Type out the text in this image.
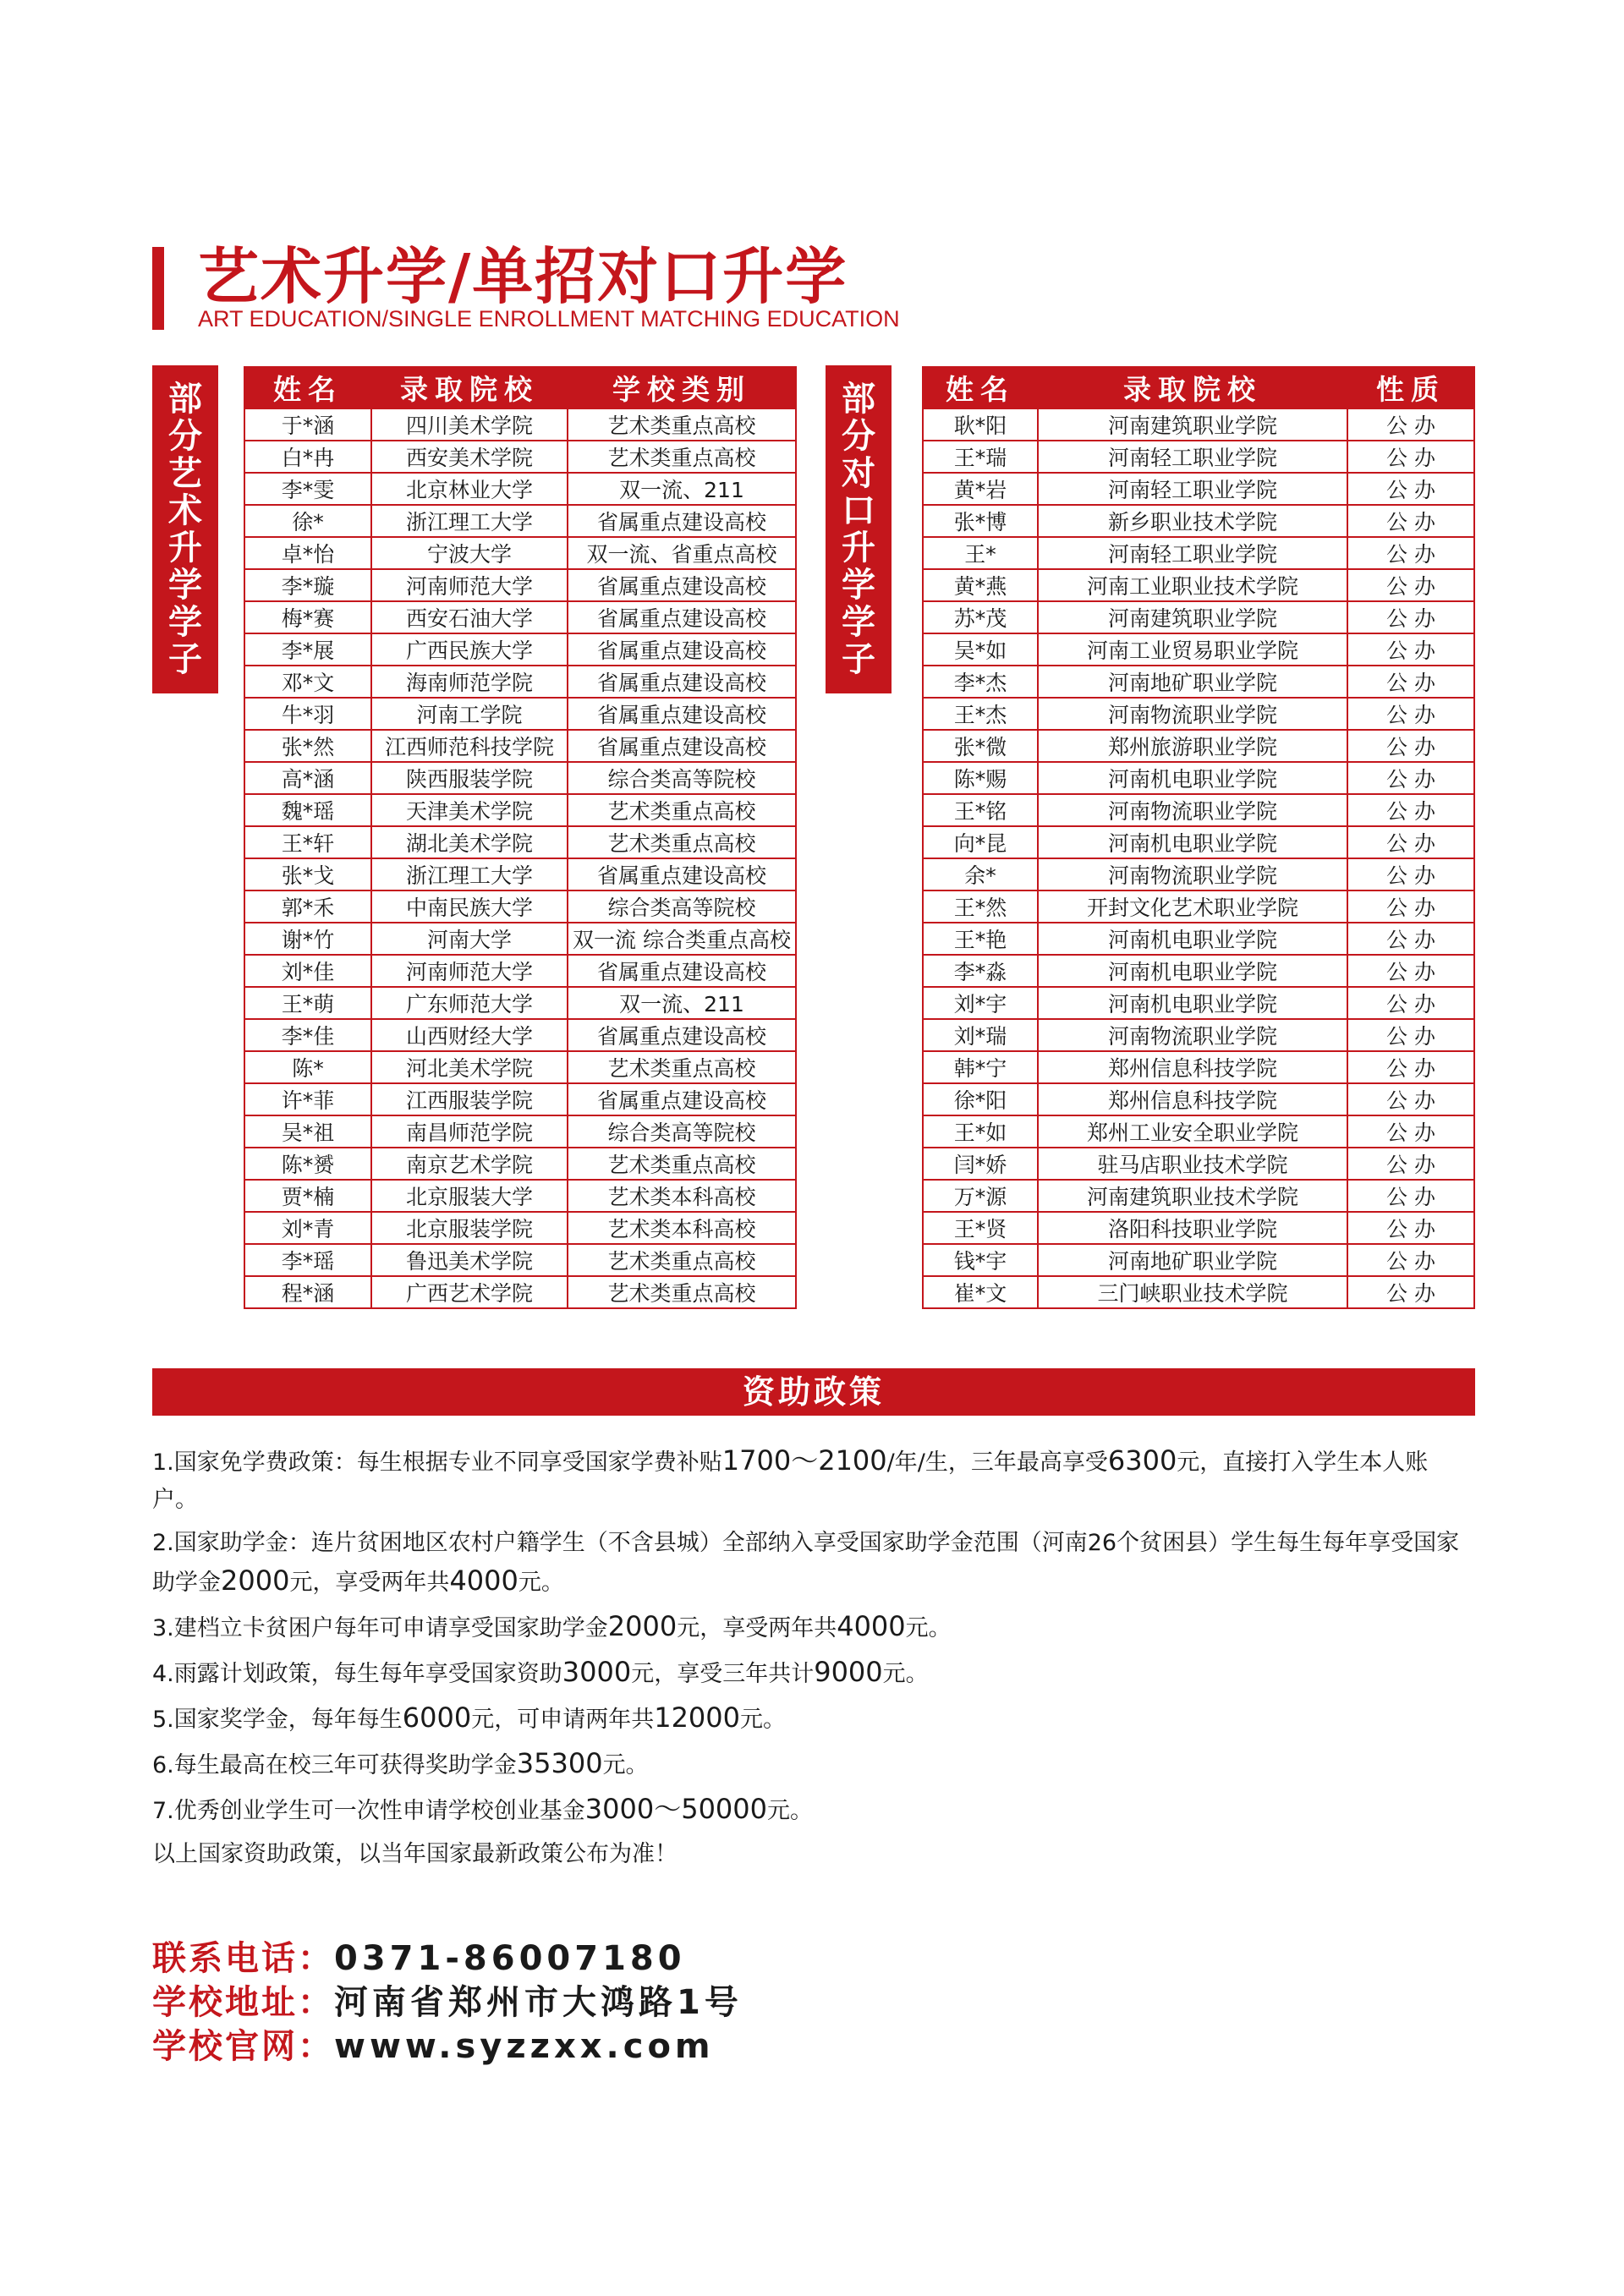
艺术升学/单招对口升学
ART EDUCATION/SINGLE ENROLLMENT MATCHING EDUCATION
部
分
艺
术
升
学
学
子
姓名	录取院校	学校类别
于*涵	四川美术学院	艺术类重点高校
白*冉	西安美术学院	艺术类重点高校
李*雯	北京林业大学	双一流、211
徐*	浙江理工大学	省属重点建设高校
卓*怡	宁波大学	双一流、省重点高校
李*璇	河南师范大学	省属重点建设高校
梅*赛	西安石油大学	省属重点建设高校
李*展	广西民族大学	省属重点建设高校
邓*文	海南师范学院	省属重点建设高校
牛*羽	河南工学院	省属重点建设高校
张*然	江西师范科技学院	省属重点建设高校
高*涵	陕西服装学院	综合类高等院校
魏*瑶	天津美术学院	艺术类重点高校
王*轩	湖北美术学院	艺术类重点高校
张*戈	浙江理工大学	省属重点建设高校
郭*禾	中南民族大学	综合类高等院校
谢*竹	河南大学	双一流 综合类重点高校
刘*佳	河南师范大学	省属重点建设高校
王*萌	广东师范大学	双一流、211
李*佳	山西财经大学	省属重点建设高校
陈*	河北美术学院	艺术类重点高校
许*菲	江西服装学院	省属重点建设高校
吴*祖	南昌师范学院	综合类高等院校
陈*赟	南京艺术学院	艺术类重点高校
贾*楠	北京服装大学	艺术类本科高校
刘*青	北京服装学院	艺术类本科高校
李*瑶	鲁迅美术学院	艺术类重点高校
程*涵	广西艺术学院	艺术类重点高校
部
分
对
口
升
学
学
子
姓名	录取院校	性质
耿*阳	河南建筑职业学院	公 办
王*瑞	河南轻工职业学院	公 办
黄*岩	河南轻工职业学院	公 办
张*博	新乡职业技术学院	公 办
王*	河南轻工职业学院	公 办
黄*燕	河南工业职业技术学院	公 办
苏*茂	河南建筑职业学院	公 办
吴*如	河南工业贸易职业学院	公 办
李*杰	河南地矿职业学院	公 办
王*杰	河南物流职业学院	公 办
张*微	郑州旅游职业学院	公 办
陈*赐	河南机电职业学院	公 办
王*铭	河南物流职业学院	公 办
向*昆	河南机电职业学院	公 办
余*	河南物流职业学院	公 办
王*然	开封文化艺术职业学院	公 办
王*艳	河南机电职业学院	公 办
李*淼	河南机电职业学院	公 办
刘*宇	河南机电职业学院	公 办
刘*瑞	河南物流职业学院	公 办
韩*宁	郑州信息科技学院	公 办
徐*阳	郑州信息科技学院	公 办
王*如	郑州工业安全职业学院	公 办
闫*娇	驻马店职业技术学院	公 办
万*源	河南建筑职业技术学院	公 办
王*贤	洛阳科技职业学院	公 办
钱*宇	河南地矿职业学院	公 办
崔*文	三门峡职业技术学院	公 办
资助政策

1.国家免学费政策：每生根据专业不同享受国家学费补贴1700～2100/年/生，三年最高享受6300元，直接打入学生本人账户。

2.国家助学金：连片贫困地区农村户籍学生（不含县城）全部纳入享受国家助学金范围（河南26个贫困县）学生每生每年享受国家助学金2000元，享受两年共4000元。

3.建档立卡贫困户每年可申请享受国家助学金2000元，享受两年共4000元。

4.雨露计划政策，每生每年享受国家资助3000元，享受三年共计9000元。

5.国家奖学金，每年每生6000元，可申请两年共12000元。

6.每生最高在校三年可获得奖助学金35300元。

7.优秀创业学生可一次性申请学校创业基金3000～50000元。

以上国家资助政策，以当年国家最新政策公布为准！

联系电话：0371-86007180
学校地址：河南省郑州市大鸿路1号
学校官网：www.syzzxx.com
